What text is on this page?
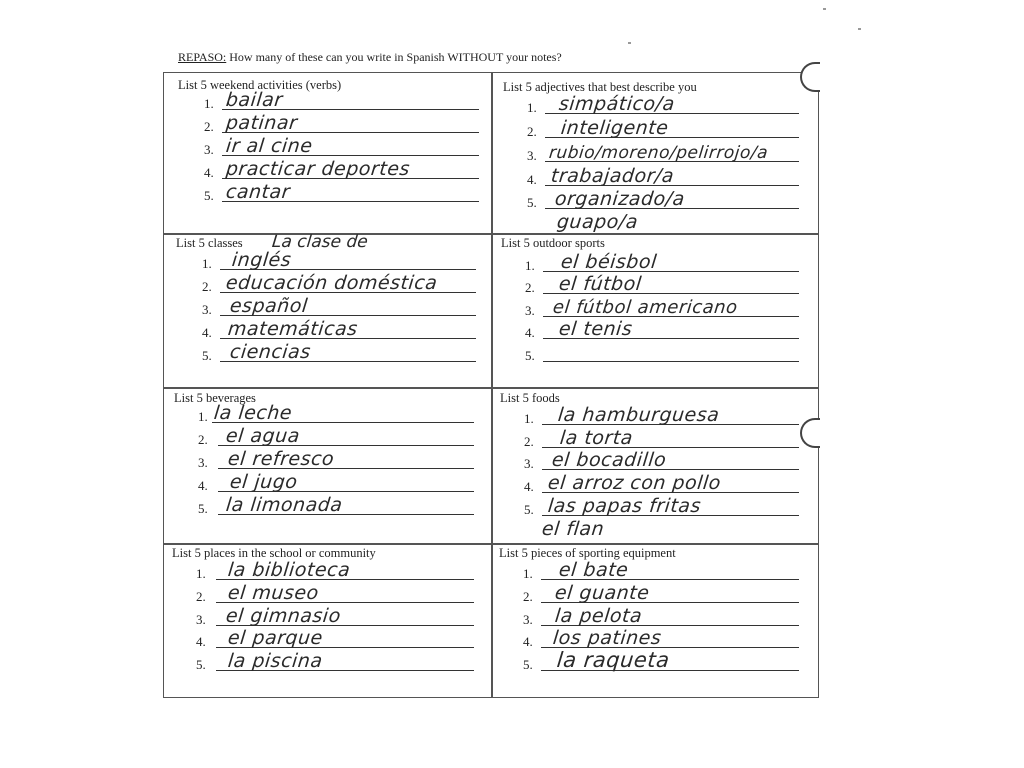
REPASO: How many of these can you write in Spanish WITHOUT your notes?
List 5 weekend activities (verbs)
1. bailar
2. patinar
3. ir al cine
4. practicar deportes
5. cantar
List 5 adjectives that best describe you
1. simpático/a
2. inteligente
3. rubio/moreno/pelirrojo/a
4. trabajador/a
5. organizado/a
guapo/a
List 5 classes La clase de
1. inglés
2. educación doméstica
3. español
4. matemáticas
5. ciencias
List 5 outdoor sports
1. el béisbol
2. el fútbol
3. el fútbol americano
4. el tenis
5.
List 5 beverages
1. la leche
2. el agua
3. el refresco
4. el jugo
5. la limonada
List 5 foods
1. la hamburguesa
2. la torta
3. el bocadillo
4. el arroz con pollo
5. las papas fritas
el flan
List 5 places in the school or community
1. la biblioteca
2. el museo
3. el gimnasio
4. el parque
5. la piscina
List 5 pieces of sporting equipment
1. el bate
2. el guante
3. la pelota
4. los patines
5. la raqueta
